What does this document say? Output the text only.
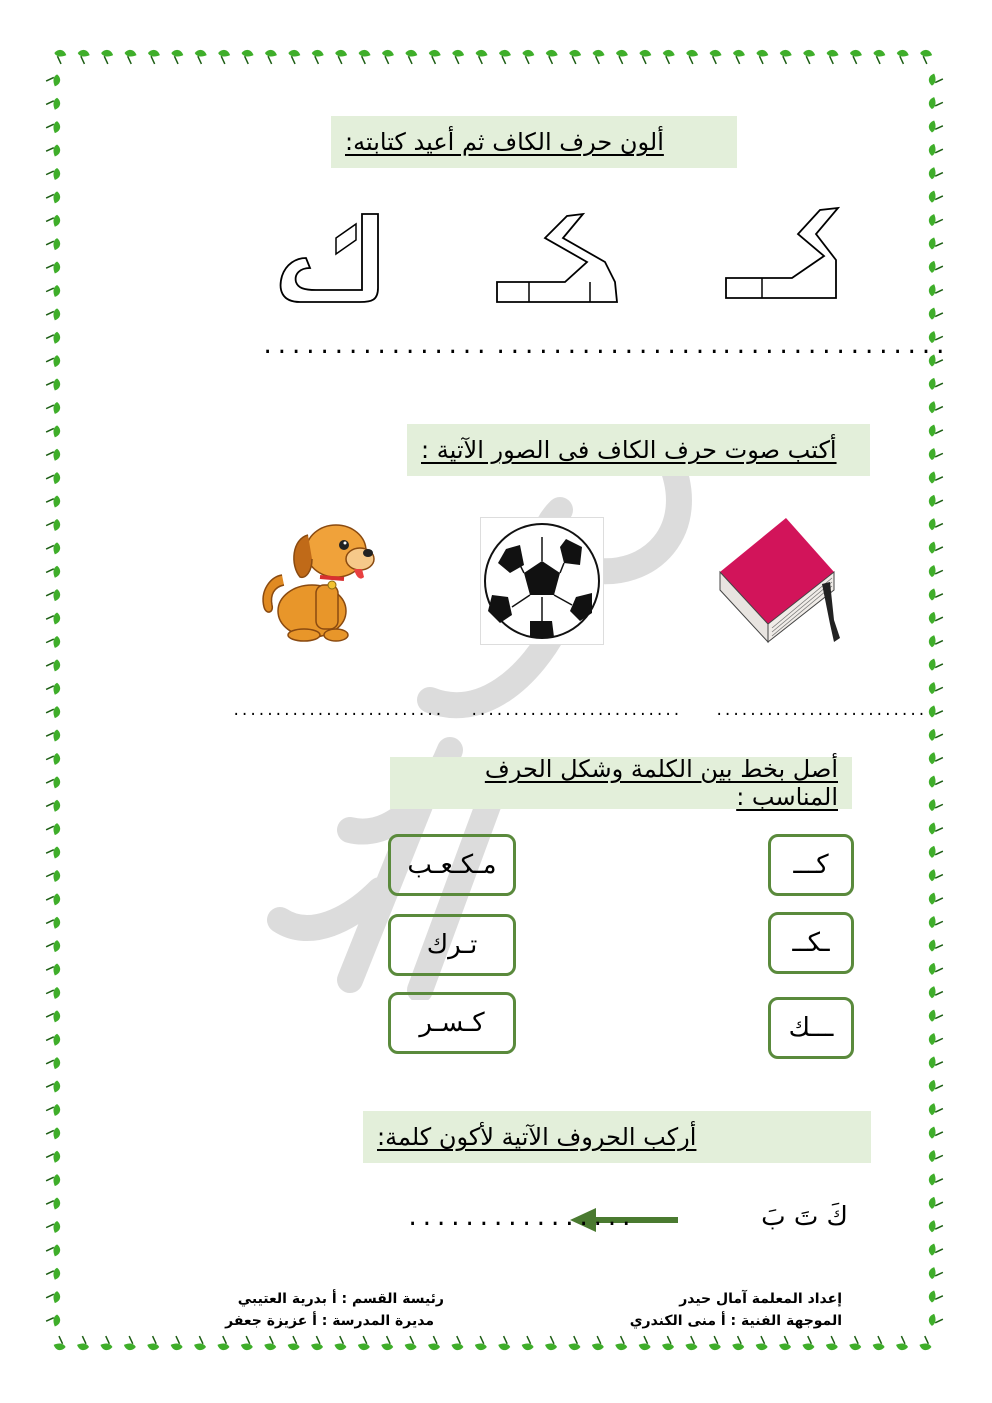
ألون حرف الكاف ثم أعيد كتابته:
................
................
................
أكتب صوت حرف الكاف فى الصور الآتية :
.........................
.........................
.........................
أصل بخط بين الكلمة وشكل الحرف المناسب :
كـــ
ـكــ
ـــك
مـكـعـب
تـرك
كـسـر
أركب الحروف الآتية لأكون كلمة:
كَ تَ بَ
................
إعداد المعلمة آمال حيدر
الموجهة الفنية : أ منى الكندري
رئيسة القسم : أ بدرية العتيبي
مديرة المدرسة : أ عزيزة جعفر
